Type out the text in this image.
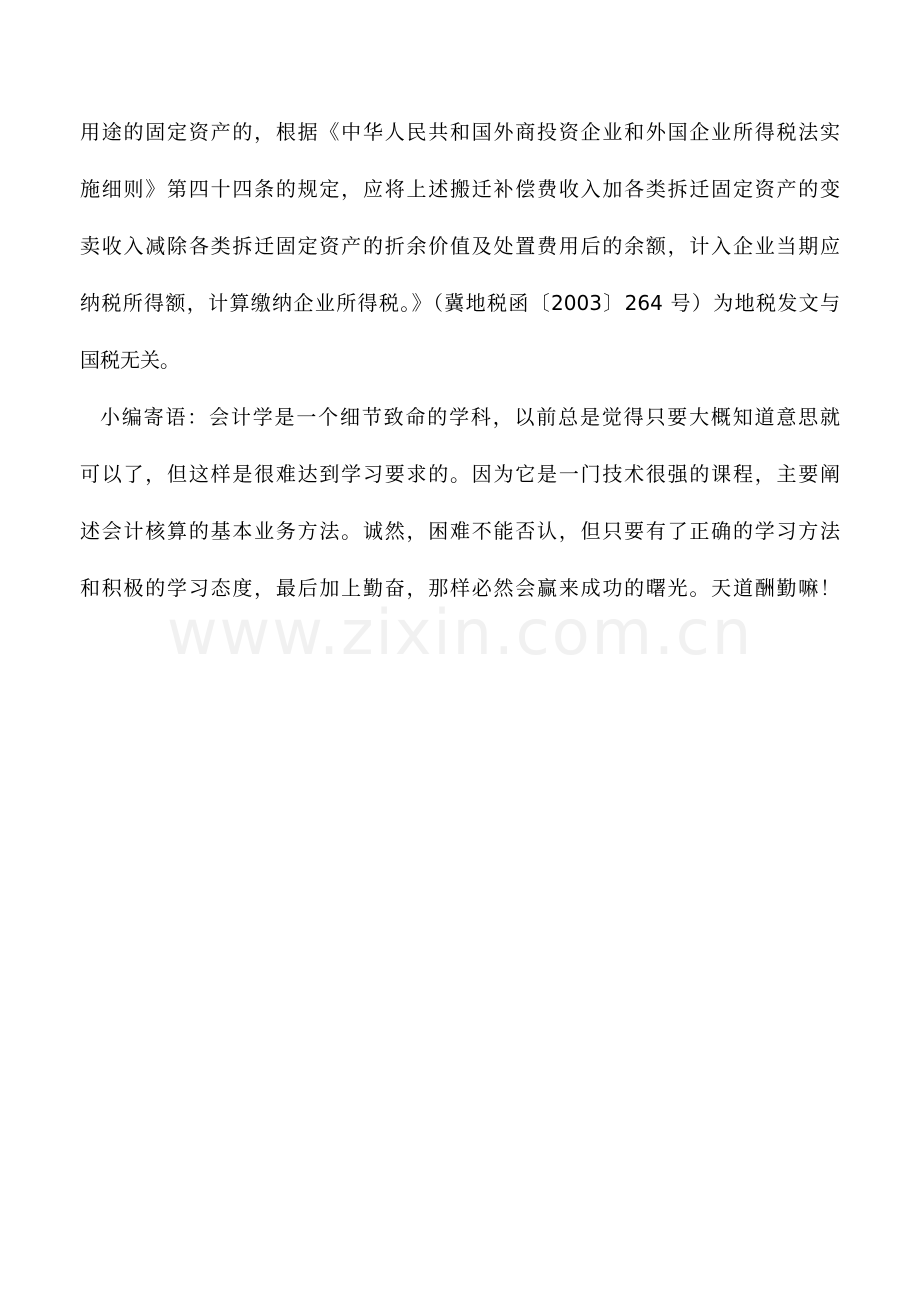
www.zixin.com.cn

用途的固定资产的，根据《中华人民共和国外商投资企业和外国企业所得税法实

施细则》第四十四条的规定，应将上述搬迁补偿费收入加各类拆迁固定资产的变

卖收入减除各类拆迁固定资产的折余价值及处置费用后的余额，计入企业当期应

纳税所得额，计算缴纳企业所得税。》（冀地税函〔2003〕264 号）为地税发文与

国税无关。

小编寄语：会计学是一个细节致命的学科，以前总是觉得只要大概知道意思就

可以了，但这样是很难达到学习要求的。因为它是一门技术很强的课程，主要阐

述会计核算的基本业务方法。诚然，困难不能否认，但只要有了正确的学习方法

和积极的学习态度，最后加上勤奋，那样必然会赢来成功的曙光。天道酬勤嘛！
